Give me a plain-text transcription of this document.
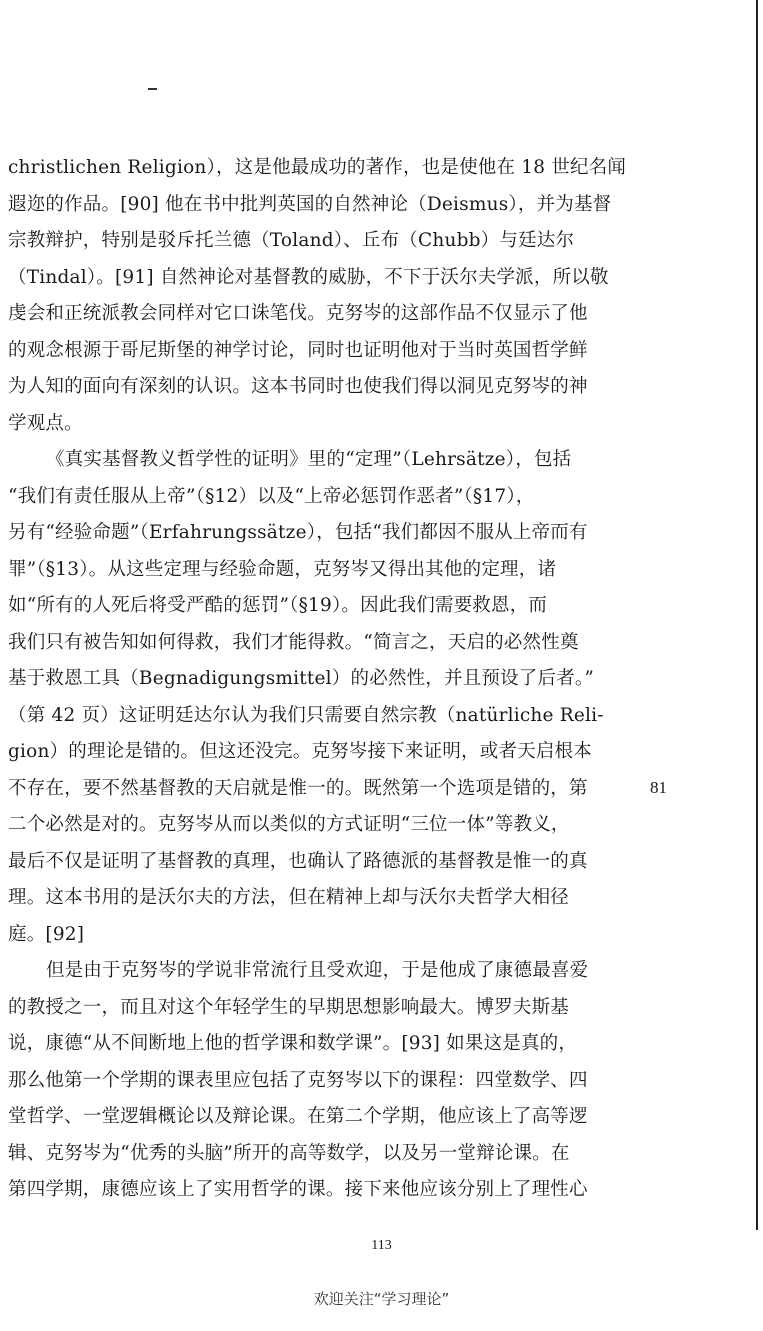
christlichen Religion），这是他最成功的著作，也是使他在 18 世纪名闻
遐迩的作品。[90] 他在书中批判英国的自然神论（Deismus），并为基督
宗教辩护，特别是驳斥托兰德（Toland）、丘布（Chubb）与廷达尔
（Tindal）。[91] 自然神论对基督教的威胁，不下于沃尔夫学派，所以敬
虔会和正统派教会同样对它口诛笔伐。克努岑的这部作品不仅显示了他
的观念根源于哥尼斯堡的神学讨论，同时也证明他对于当时英国哲学鲜
为人知的面向有深刻的认识。这本书同时也使我们得以洞见克努岑的神
学观点。
《真实基督教义哲学性的证明》里的“定理”（Lehrsätze），包括
“我们有责任服从上帝”（§12）以及“上帝必惩罚作恶者”（§17），
另有“经验命题”（Erfahrungssätze），包括“我们都因不服从上帝而有
罪”（§13）。从这些定理与经验命题，克努岑又得出其他的定理，诸
如“所有的人死后将受严酷的惩罚”（§19）。因此我们需要救恩，而
我们只有被告知如何得救，我们才能得救。“简言之，天启的必然性奠
基于救恩工具（Begnadigungsmittel）的必然性，并且预设了后者。”
（第 42 页）这证明廷达尔认为我们只需要自然宗教（natürliche Reli-
gion）的理论是错的。但这还没完。克努岑接下来证明，或者天启根本
不存在，要不然基督教的天启就是惟一的。既然第一个选项是错的，第
二个必然是对的。克努岑从而以类似的方式证明“三位一体”等教义，
最后不仅是证明了基督教的真理，也确认了路德派的基督教是惟一的真
理。这本书用的是沃尔夫的方法，但在精神上却与沃尔夫哲学大相径
庭。[92]
但是由于克努岑的学说非常流行且受欢迎，于是他成了康德最喜爱
的教授之一，而且对这个年轻学生的早期思想影响最大。博罗夫斯基
说，康德“从不间断地上他的哲学课和数学课”。[93] 如果这是真的，
那么他第一个学期的课表里应包括了克努岑以下的课程：四堂数学、四
堂哲学、一堂逻辑概论以及辩论课。在第二个学期，他应该上了高等逻
辑、克努岑为“优秀的头脑”所开的高等数学，以及另一堂辩论课。在
第四学期，康德应该上了实用哲学的课。接下来他应该分别上了理性心
81
113
欢迎关注“学习理论”
